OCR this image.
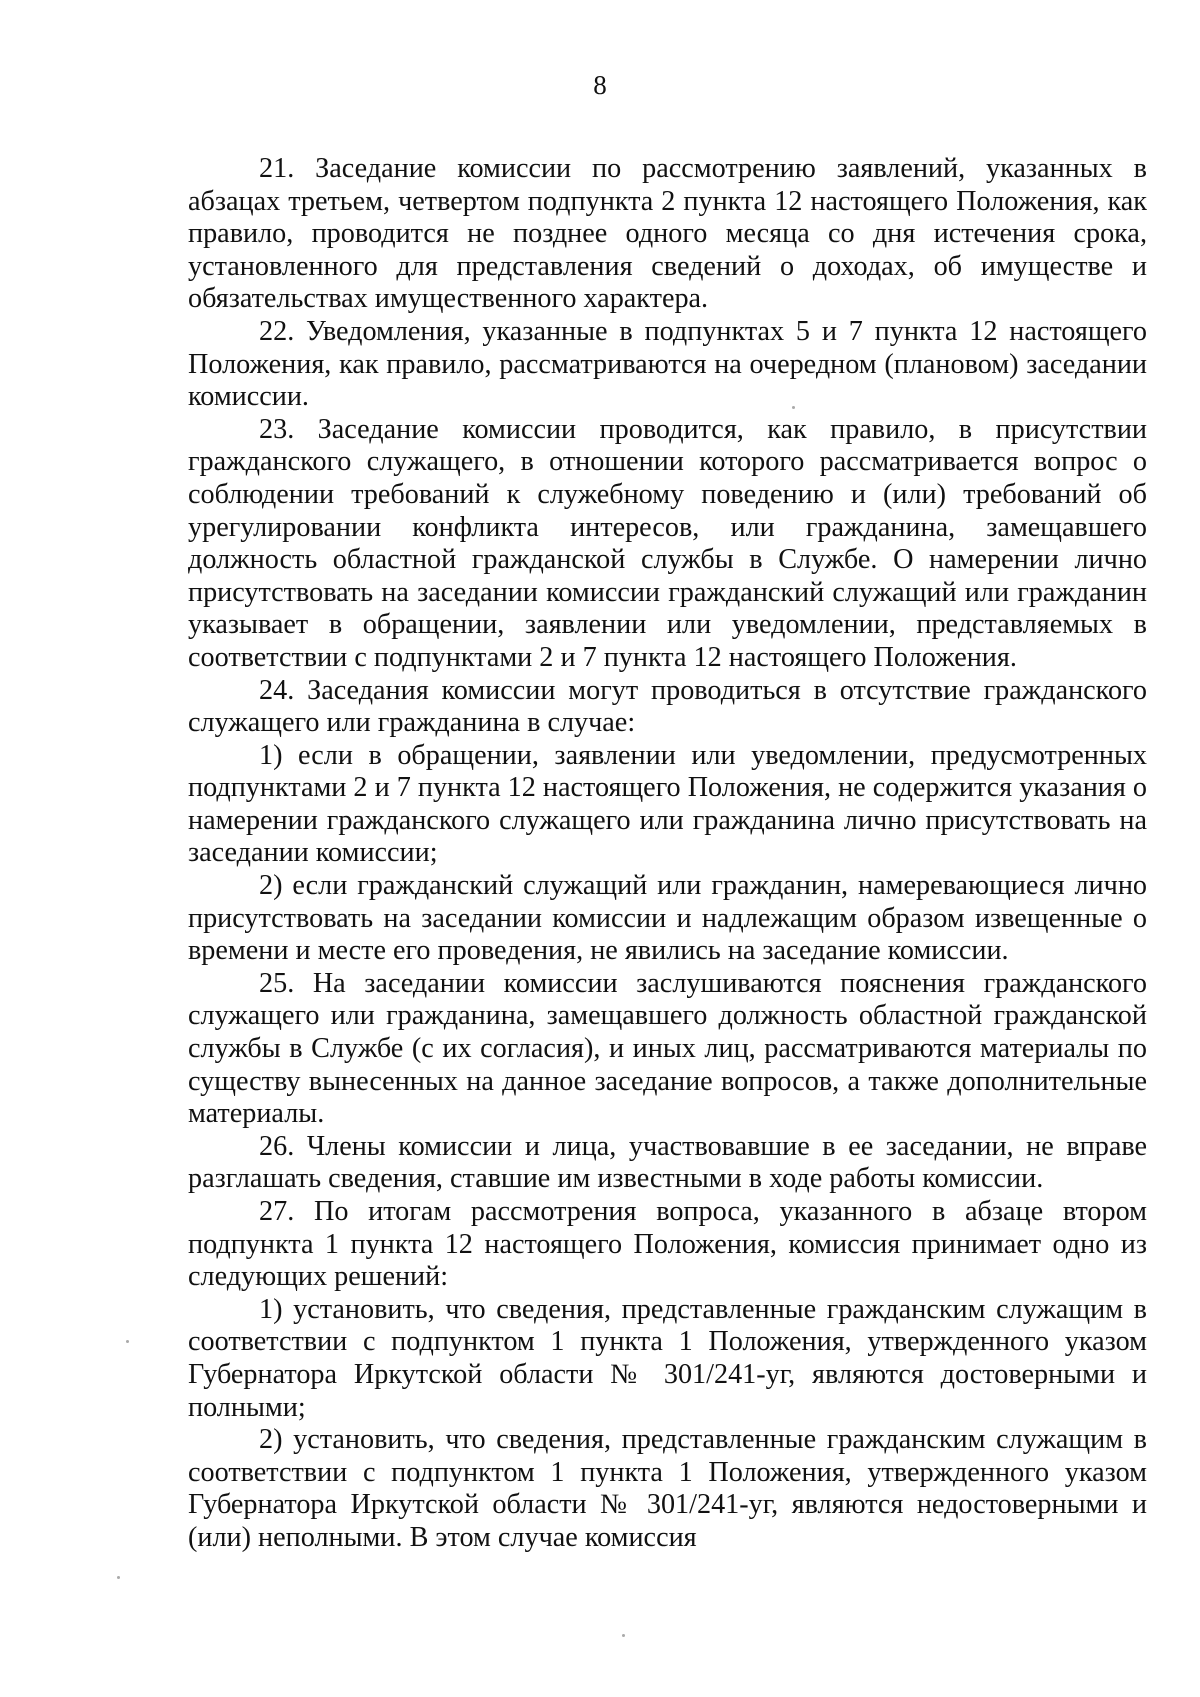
8

21. Заседание комиссии по рассмотрению заявлений, указанных в абзацах третьем, четвертом подпункта 2 пункта 12 настоящего Положения, как правило, проводится не позднее одного месяца со дня истечения срока, установленного для представления сведений о доходах, об имуществе и обязательствах имущественного характера.

22. Уведомления, указанные в подпунктах 5 и 7 пункта 12 настоящего Положения, как правило, рассматриваются на очередном (плановом) заседании комиссии.

23. Заседание комиссии проводится, как правило, в присутствии гражданского служащего, в отношении которого рассматривается вопрос о соблюдении требований к служебному поведению и (или) требований об урегулировании конфликта интересов, или гражданина, замещавшего должность областной гражданской службы в Службе. О намерении лично присутствовать на заседании комиссии гражданский служащий или гражданин указывает в обращении, заявлении или уведомлении, представляемых в соответствии с подпунктами 2 и 7 пункта 12 настоящего Положения.

24. Заседания комиссии могут проводиться в отсутствие гражданского служащего или гражданина в случае:

1) если в обращении, заявлении или уведомлении, предусмотренных подпунктами 2 и 7 пункта 12 настоящего Положения, не содержится указания о намерении гражданского служащего или гражданина лично присутствовать на заседании комиссии;

2) если гражданский служащий или гражданин, намеревающиеся лично присутствовать на заседании комиссии и надлежащим образом извещенные о времени и месте его проведения, не явились на заседание комиссии.

25. На заседании комиссии заслушиваются пояснения гражданского служащего или гражданина, замещавшего должность областной гражданской службы в Службе (с их согласия), и иных лиц, рассматриваются материалы по существу вынесенных на данное заседание вопросов, а также дополнительные материалы.

26. Члены комиссии и лица, участвовавшие в ее заседании, не вправе разглашать сведения, ставшие им известными в ходе работы комиссии.

27. По итогам рассмотрения вопроса, указанного в абзаце втором подпункта 1 пункта 12 настоящего Положения, комиссия принимает одно из следующих решений:

1) установить, что сведения, представленные гражданским служащим в соответствии с подпунктом 1 пункта 1 Положения, утвержденного указом Губернатора Иркутской области № 301/241-уг, являются достоверными и полными;

2) установить, что сведения, представленные гражданским служащим в соответствии с подпунктом 1 пункта 1 Положения, утвержденного указом Губернатора Иркутской области № 301/241-уг, являются недостоверными и (или) неполными. В этом случае комиссия
